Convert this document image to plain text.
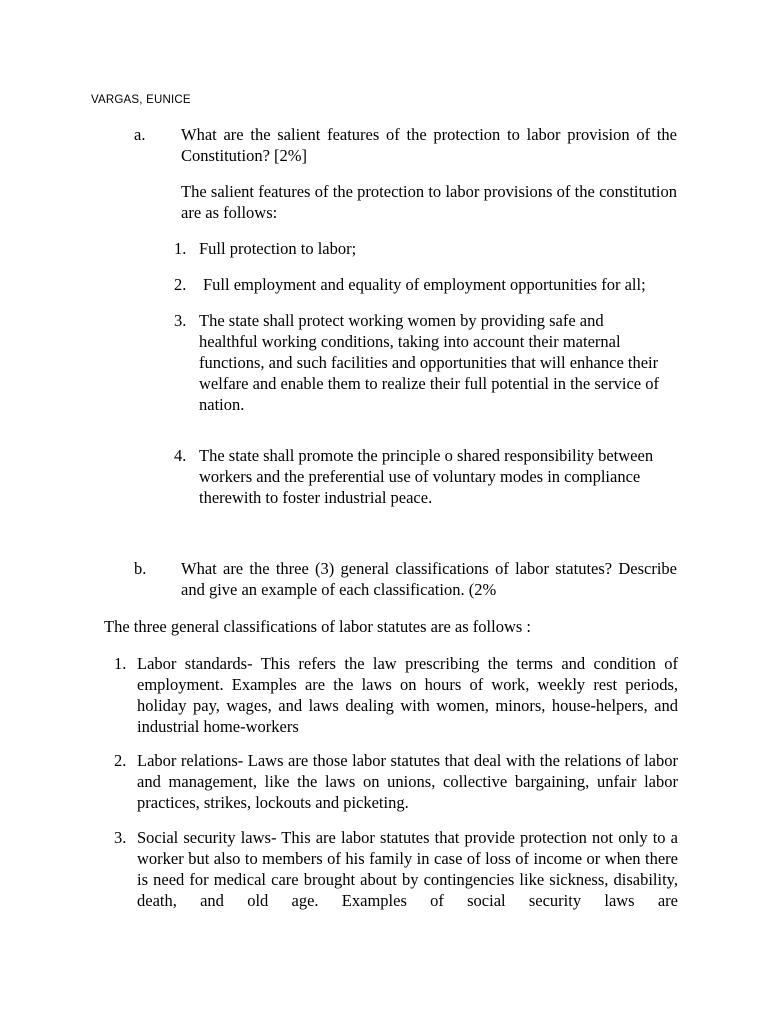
VARGAS, EUNICE
a. What are the salient features of the protection to labor provision of the Constitution? [2%]
The salient features of the protection to labor provisions of the constitution are as follows:
1. Full protection to labor;
2. Full employment and equality of employment opportunities for all;
3. The state shall protect working women by providing safe and healthful working conditions, taking into account their maternal functions, and such facilities and opportunities that will enhance their welfare and enable them to realize their full potential in the service of nation.
4. The state shall promote the principle o shared responsibility between workers and the preferential use of voluntary modes in compliance therewith to foster industrial peace.
b. What are the three (3) general classifications of labor statutes? Describe and give an example of each classification. (2%
The three general classifications of labor statutes are as follows :
1. Labor standards- This refers the law prescribing the terms and condition of employment. Examples are the laws on hours of work, weekly rest periods, holiday pay, wages, and laws dealing with women, minors, house-helpers, and industrial home-workers
2. Labor relations- Laws are those labor statutes that deal with the relations of labor and management, like the laws on unions, collective bargaining, unfair labor practices, strikes, lockouts and picketing.
3. Social security laws- This are labor statutes that provide protection not only to a worker but also to members of his family in case of loss of income or when there is need for medical care brought about by contingencies like sickness, disability, death, and old age. Examples of social security laws are
